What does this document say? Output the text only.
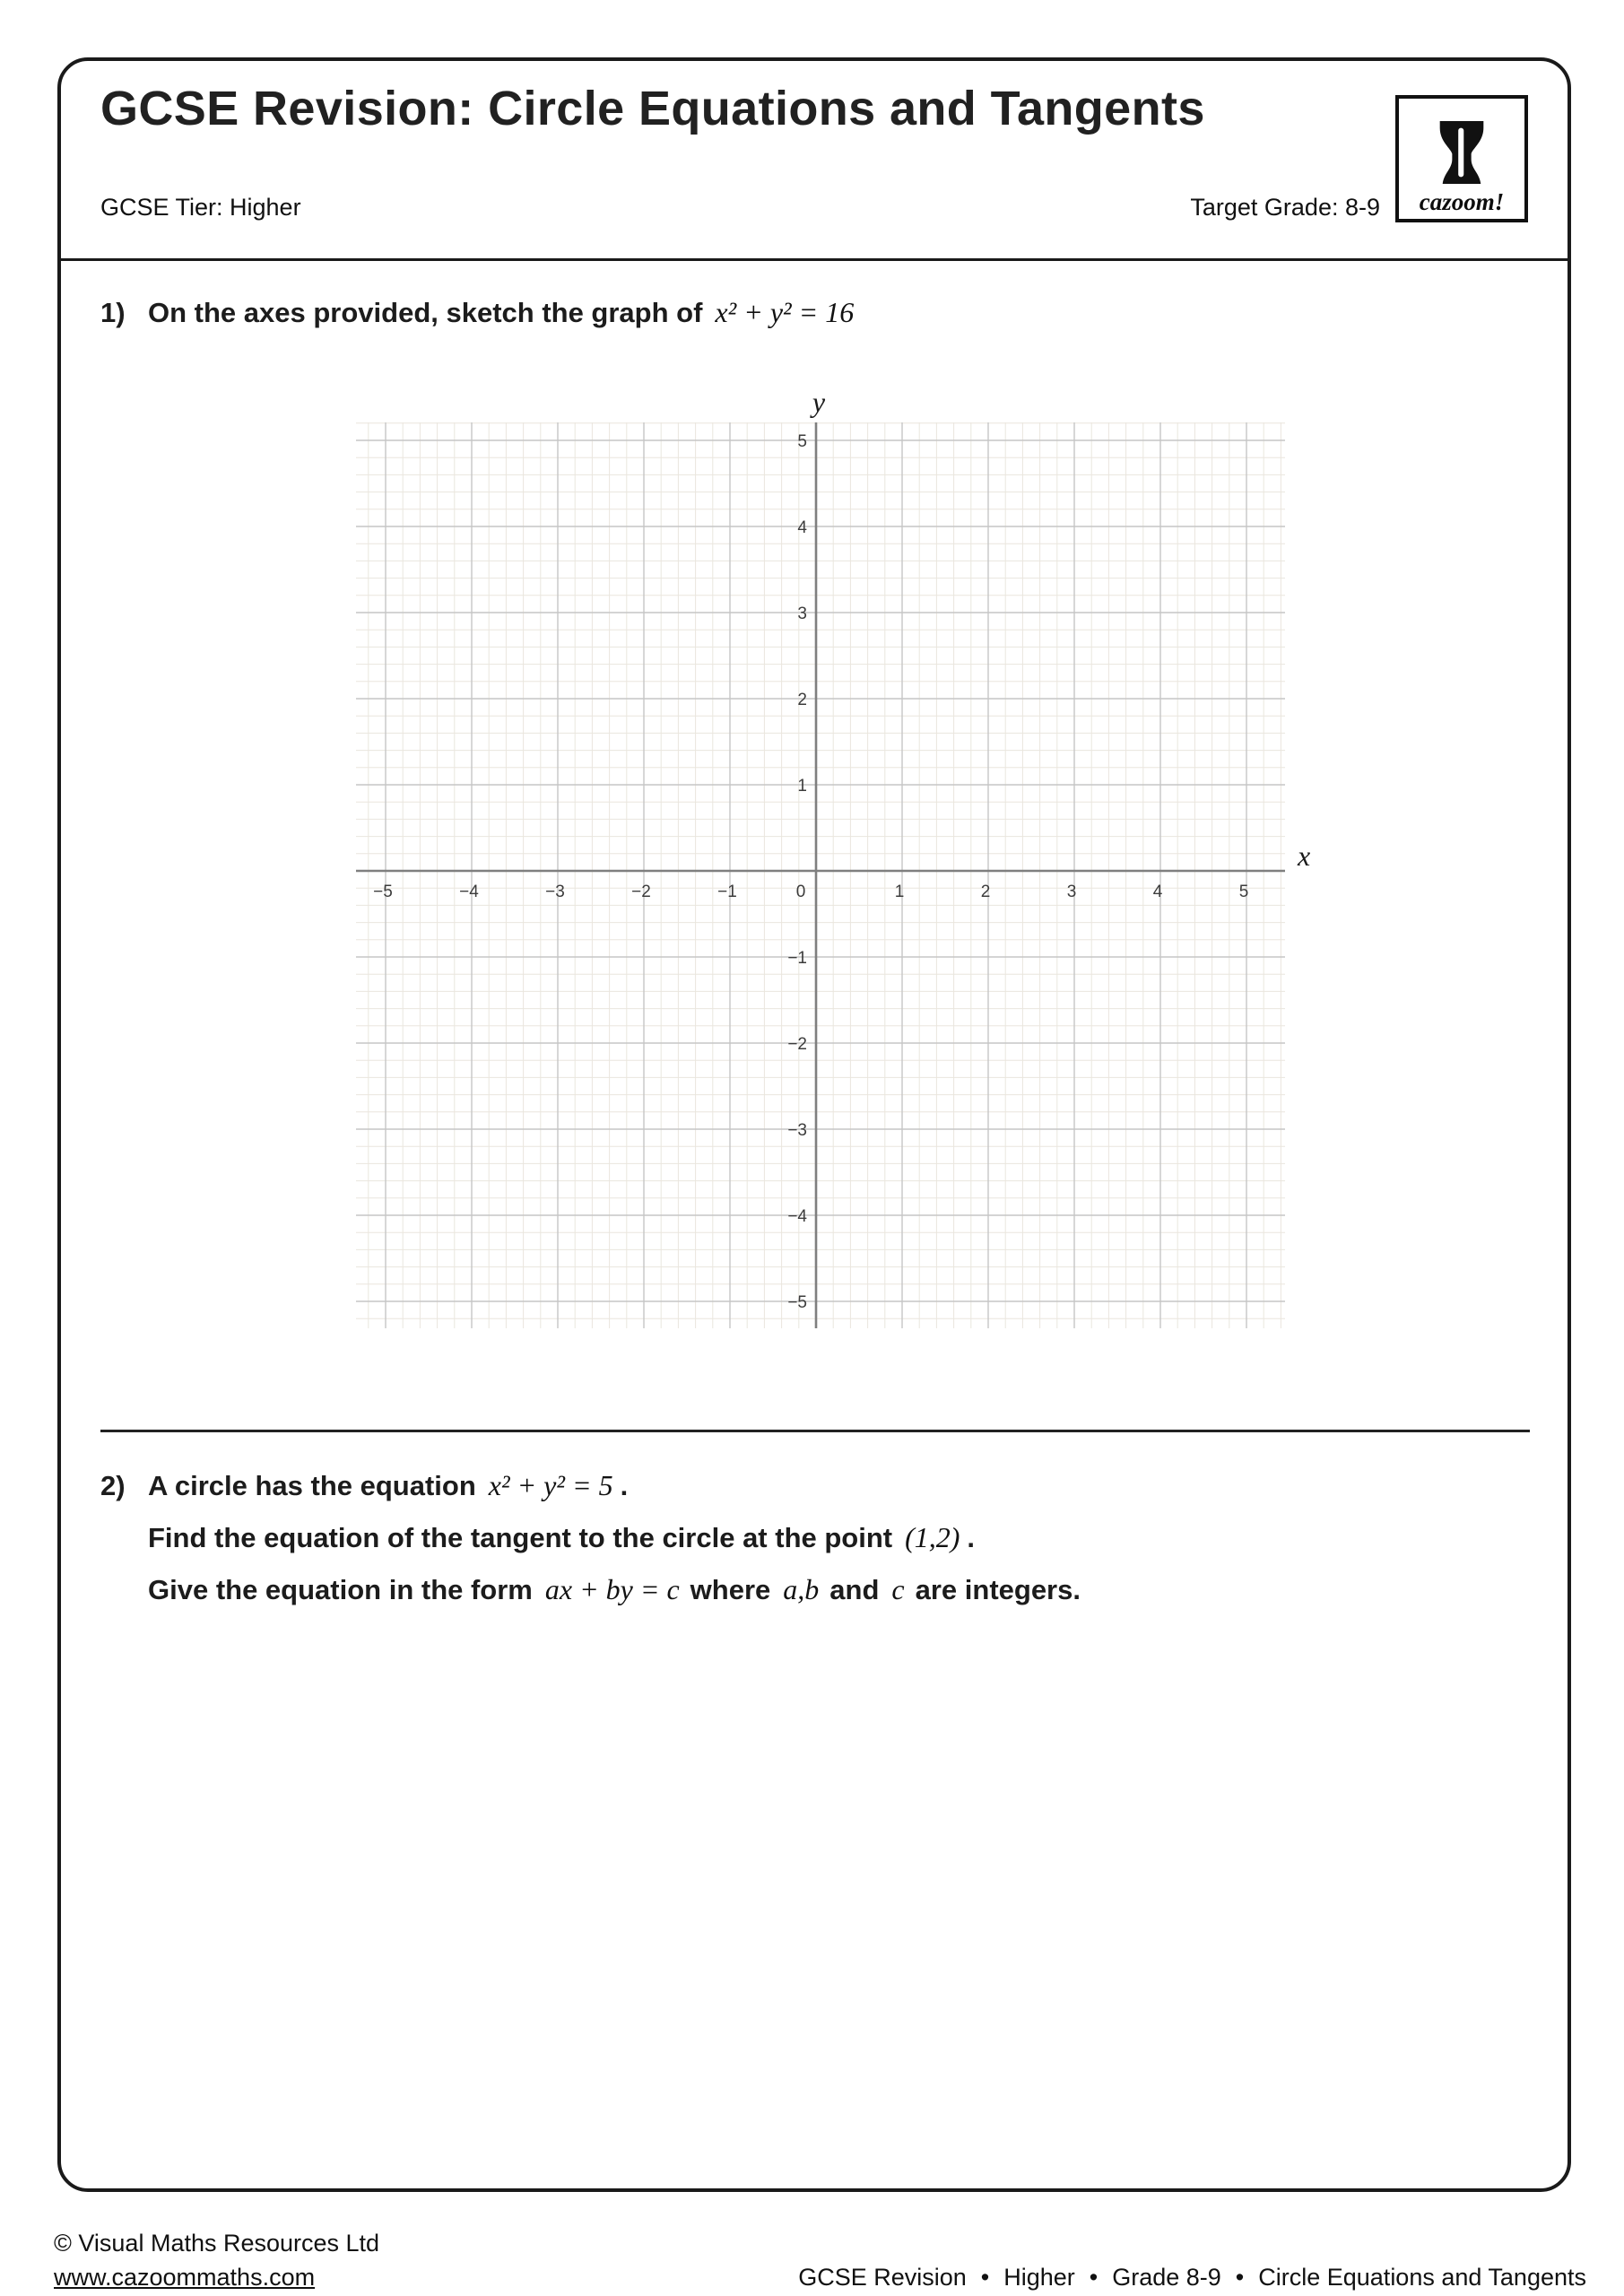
GCSE Revision: Circle Equations and Tangents
GCSE Tier: Higher	Target Grade: 8-9 cazoom!
1) On the axes provided, sketch the graph of x² + y² = 16
−5	−4	−3	−2	−1	0	1	2	3	4	5
−5
−4
−3
−2
−1
1
2
3
4
5
y
x
2) A circle has the equation x² + y² = 5 .
Find the equation of the tangent to the circle at the point (1,2) .
Give the equation in the form ax + by = c where a,b and c are integers.
© Visual Maths Resources Ltd
www.cazoommaths.com	GCSE Revision • Higher • Grade 8-9 • Circle Equations and Tangents
